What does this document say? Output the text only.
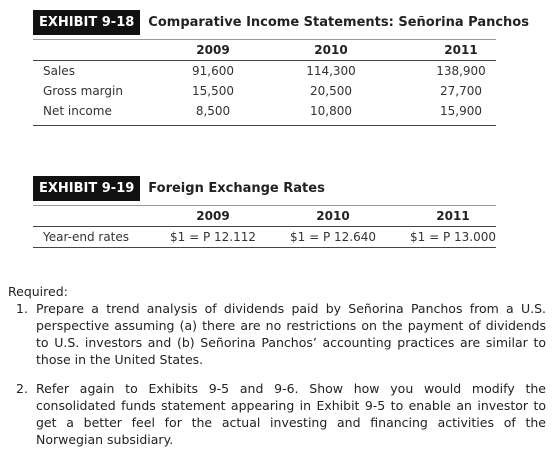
EXHIBIT 9-18	Comparative Income Statements: Señorina Panchos
2009	2010	2011
Sales	91,600	114,300	138,900
Gross margin	15,500	20,500	27,700
Net income	8,500	10,800	15,900
EXHIBIT 9-19	Foreign Exchange Rates
2009	2010	2011
Year-end rates	$1 = P 12.112	$1 = P 12.640	$1 = P 13.000
Required:
1. Prepare a trend analysis of dividends paid by Señorina Panchos from a U.S. perspective assuming (a) there are no restrictions on the payment of dividends to U.S. investors and (b) Señorina Panchos’ accounting practices are similar to those in the United States.
2. Refer again to Exhibits 9-5 and 9-6. Show how you would modify the consolidated funds statement appearing in Exhibit 9-5 to enable an investor to get a better feel for the actual investing and financing activities of the Norwegian subsidiary.
